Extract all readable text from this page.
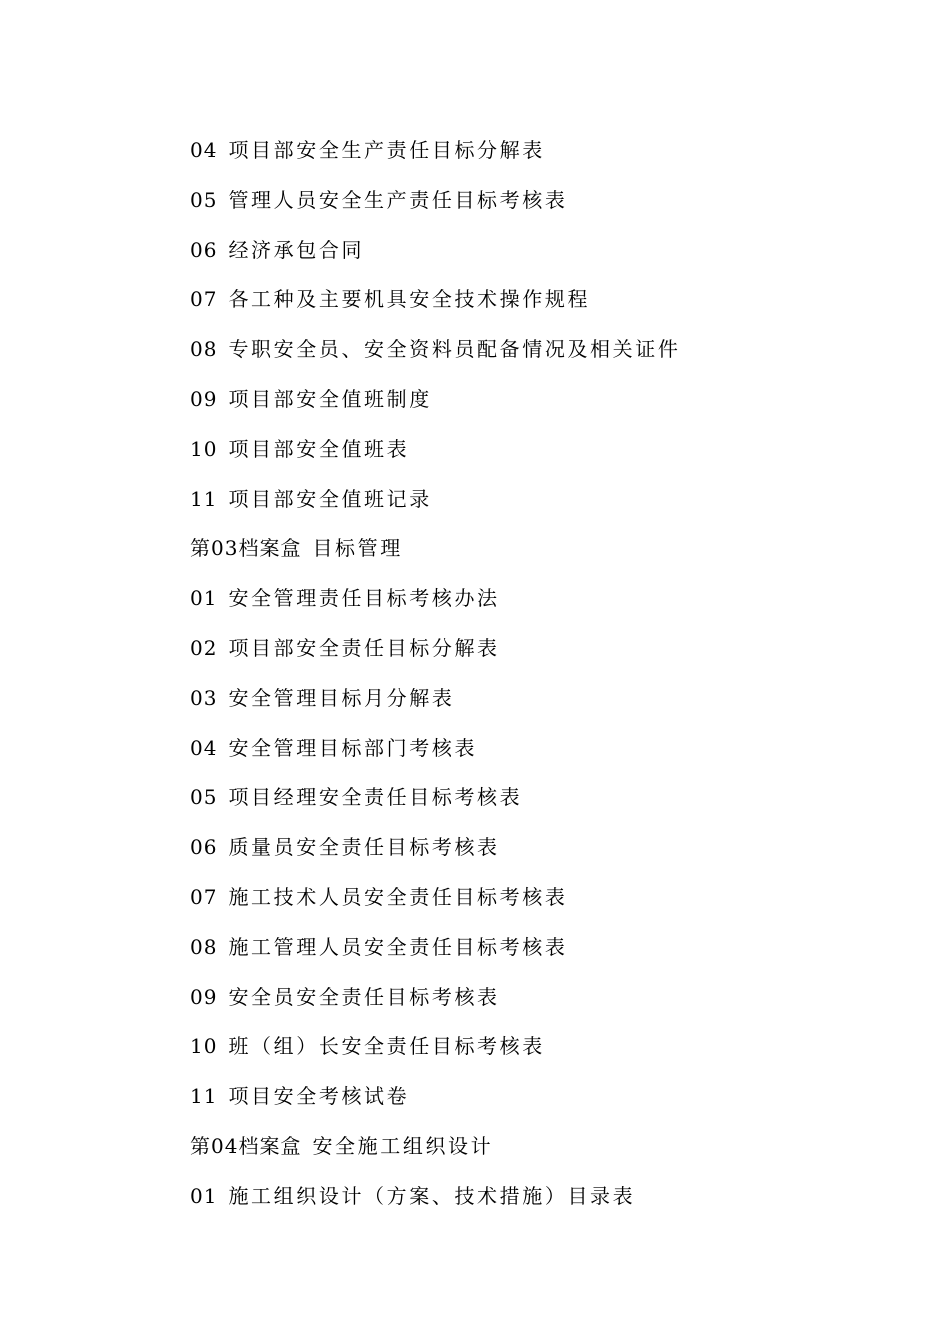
04 项目部安全生产责任目标分解表
05 管理人员安全生产责任目标考核表
06 经济承包合同
07 各工种及主要机具安全技术操作规程
08 专职安全员、安全资料员配备情况及相关证件
09 项目部安全值班制度
10 项目部安全值班表
11 项目部安全值班记录
第03档案盒 目标管理
01 安全管理责任目标考核办法
02 项目部安全责任目标分解表
03 安全管理目标月分解表
04 安全管理目标部门考核表
05 项目经理安全责任目标考核表
06 质量员安全责任目标考核表
07 施工技术人员安全责任目标考核表
08 施工管理人员安全责任目标考核表
09 安全员安全责任目标考核表
10 班（组）长安全责任目标考核表
11 项目安全考核试卷
第04档案盒 安全施工组织设计
01 施工组织设计（方案、技术措施）目录表
